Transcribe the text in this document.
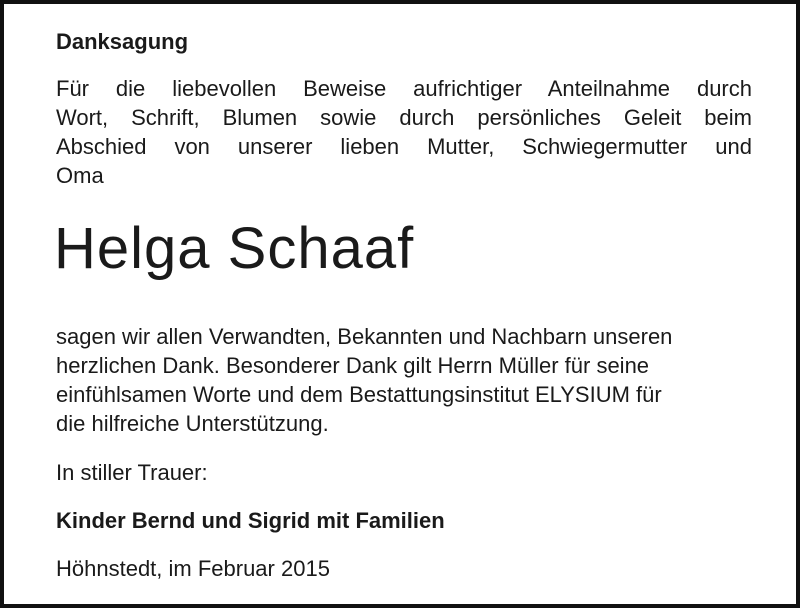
Danksagung
Für die liebevollen Beweise aufrichtiger Anteilnahme durch
Wort, Schrift, Blumen sowie durch persönliches Geleit beim
Abschied von unserer lieben Mutter, Schwiegermutter und
Oma
Helga Schaaf
sagen wir allen Verwandten, Bekannten und Nachbarn unseren
herzlichen Dank. Besonderer Dank gilt Herrn Müller für seine
einfühlsamen Worte und dem Bestattungsinstitut ELYSIUM für
die hilfreiche Unterstützung.
In stiller Trauer:
Kinder Bernd und Sigrid mit Familien
Höhnstedt, im Februar 2015
